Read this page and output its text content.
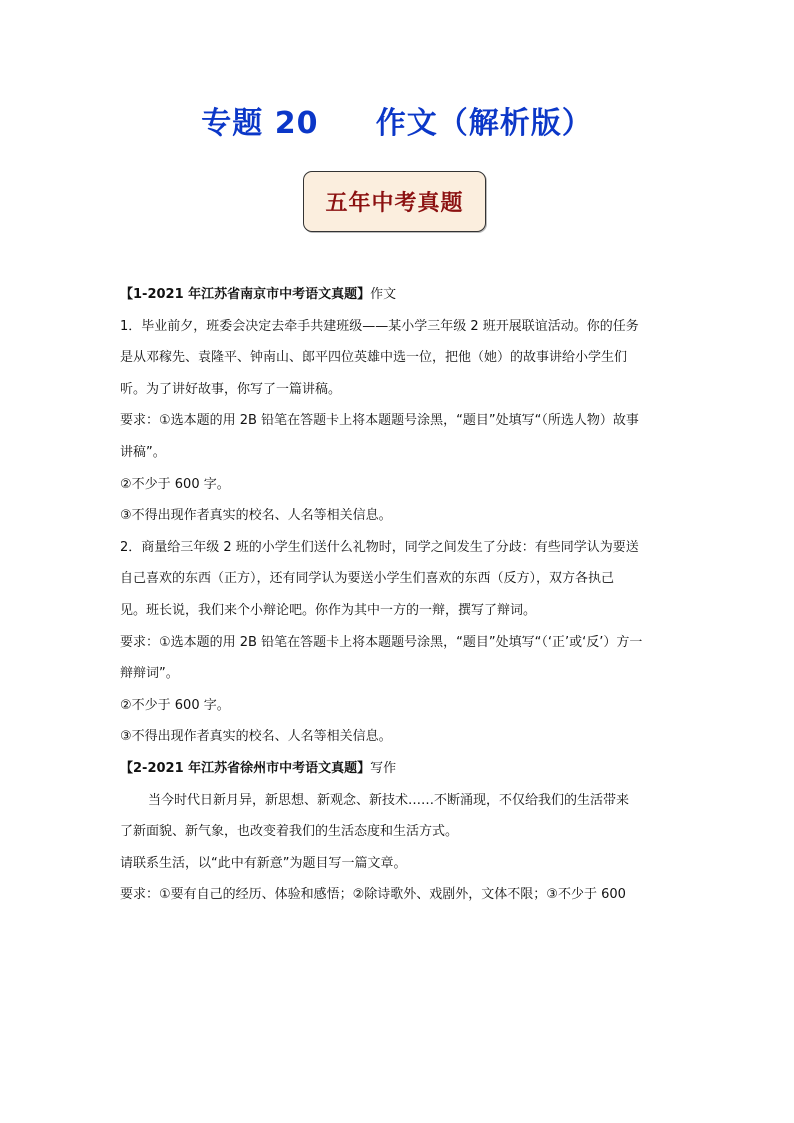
专题 20     作文（解析版）
五年中考真题
【1-2021 年江苏省南京市中考语文真题】作文
1．毕业前夕，班委会决定去牵手共建班级——某小学三年级 2 班开展联谊活动。你的任务
是从邓稼先、袁隆平、钟南山、郎平四位英雄中选一位，把他（她）的故事讲给小学生们
听。为了讲好故事，你写了一篇讲稿。
要求：①选本题的用 2B 铅笔在答题卡上将本题题号涂黑，“题目”处填写“（所选人物）故事
讲稿”。
②不少于 600 字。
③不得出现作者真实的校名、人名等相关信息。
2．商量给三年级 2 班的小学生们送什么礼物时，同学之间发生了分歧：有些同学认为要送
自己喜欢的东西（正方），还有同学认为要送小学生们喜欢的东西（反方），双方各执己
见。班长说，我们来个小辩论吧。你作为其中一方的一辩，撰写了辩词。
要求：①选本题的用 2B 铅笔在答题卡上将本题题号涂黑，“题目”处填写“（‘正’或‘反’）方一
辩辩词”。
②不少于 600 字。
③不得出现作者真实的校名、人名等相关信息。
【2-2021 年江苏省徐州市中考语文真题】写作
当今时代日新月异，新思想、新观念、新技术……不断涌现，不仅给我们的生活带来
了新面貌、新气象，也改变着我们的生活态度和生活方式。
请联系生活，以“此中有新意”为题目写一篇文章。
要求：①要有自己的经历、体验和感悟；②除诗歌外、戏剧外，文体不限；③不少于 600
